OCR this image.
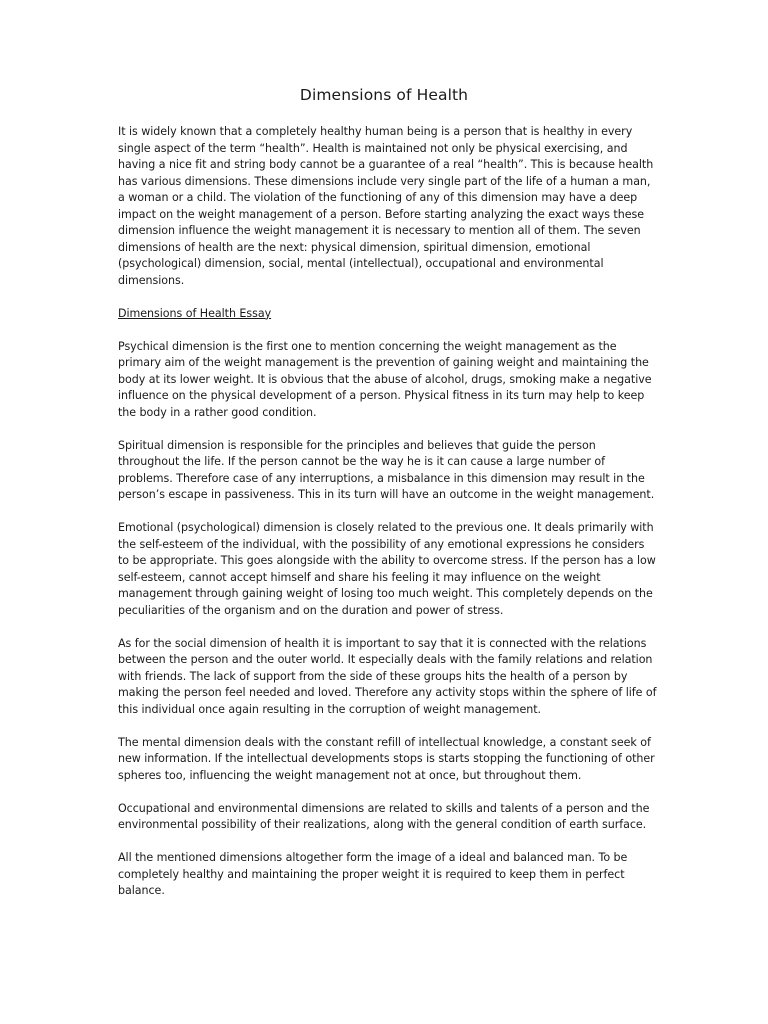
Dimensions of Health

It is widely known that a completely healthy human being is a person that is healthy in every single aspect of the term “health”. Health is maintained not only be physical exercising, and having a nice fit and string body cannot be a guarantee of a real “health”. This is because health has various dimensions. These dimensions include very single part of the life of a human a man, a woman or a child. The violation of the functioning of any of this dimension may have a deep impact on the weight management of a person. Before starting analyzing the exact ways these dimension influence the weight management it is necessary to mention all of them. The seven dimensions of health are the next: physical dimension, spiritual dimension, emotional (psychological) dimension, social, mental (intellectual), occupational and environmental dimensions.

Dimensions of Health Essay

Psychical dimension is the first one to mention concerning the weight management as the primary aim of the weight management is the prevention of gaining weight and maintaining the body at its lower weight. It is obvious that the abuse of alcohol, drugs, smoking make a negative influence on the physical development of a person. Physical fitness in its turn may help to keep the body in a rather good condition.

Spiritual dimension is responsible for the principles and believes that guide the person throughout the life. If the person cannot be the way he is it can cause a large number of problems. Therefore case of any interruptions, a misbalance in this dimension may result in the person’s escape in passiveness. This in its turn will have an outcome in the weight management.

Emotional (psychological) dimension is closely related to the previous one. It deals primarily with the self-esteem of the individual, with the possibility of any emotional expressions he considers to be appropriate. This goes alongside with the ability to overcome stress. If the person has a low self-esteem, cannot accept himself and share his feeling it may influence on the weight management through gaining weight of losing too much weight. This completely depends on the peculiarities of the organism and on the duration and power of stress.

As for the social dimension of health it is important to say that it is connected with the relations between the person and the outer world. It especially deals with the family relations and relation with friends. The lack of support from the side of these groups hits the health of a person by making the person feel needed and loved. Therefore any activity stops within the sphere of life of this individual once again resulting in the corruption of weight management.

The mental dimension deals with the constant refill of intellectual knowledge, a constant seek of new information. If the intellectual developments stops is starts stopping the functioning of other spheres too, influencing the weight management not at once, but throughout them.

Occupational and environmental dimensions are related to skills and talents of a person and the environmental possibility of their realizations, along with the general condition of earth surface.

All the mentioned dimensions altogether form the image of a ideal and balanced man. To be completely healthy and maintaining the proper weight it is required to keep them in perfect balance.
